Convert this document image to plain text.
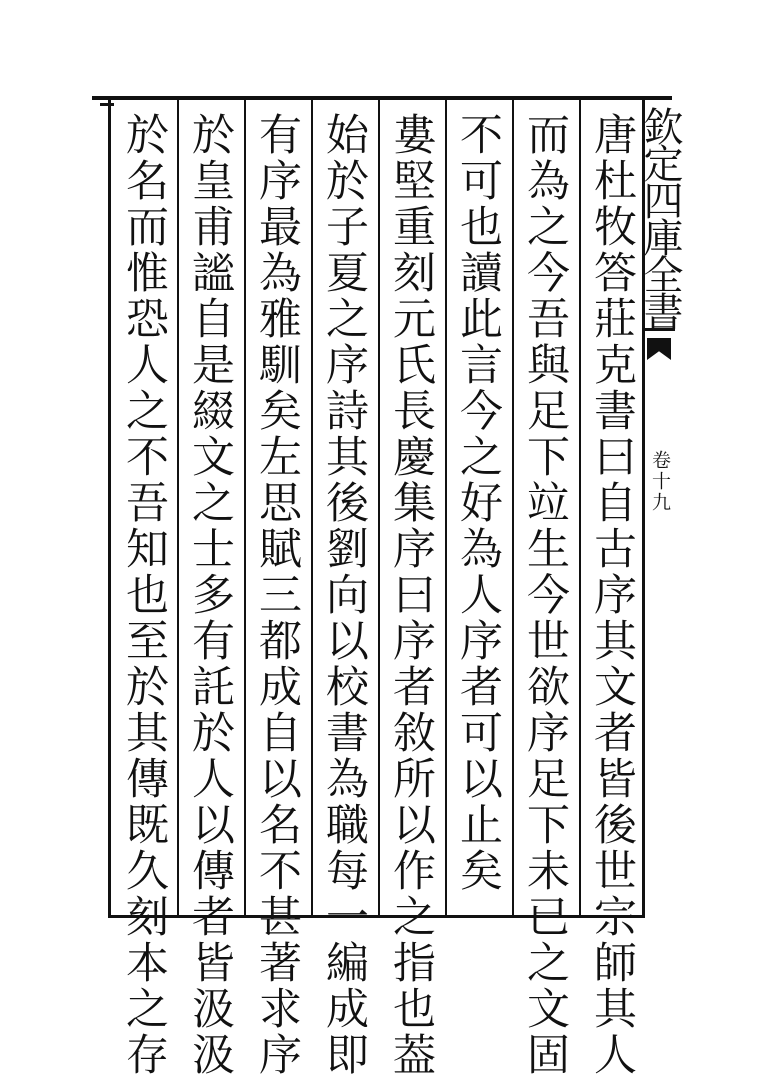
唐杜牧答莊克書曰自古序其文者皆後世宗師其人
而為之今吾與足下竝生今世欲序足下未已之文固
不可也讀此言今之好為人序者可以止矣
婁堅重刻元氏長慶集序曰序者敘所以作之指也葢
始於子夏之序詩其後劉向以校書為職每一編成即
有序最為雅馴矣左思賦三都成自以名不甚著求序
於皇甫謐自是綴文之士多有託於人以傳者皆汲汲
於名而惟恐人之不吾知也至於其傳既久刻本之存	欽定四庫全書
卷十九
